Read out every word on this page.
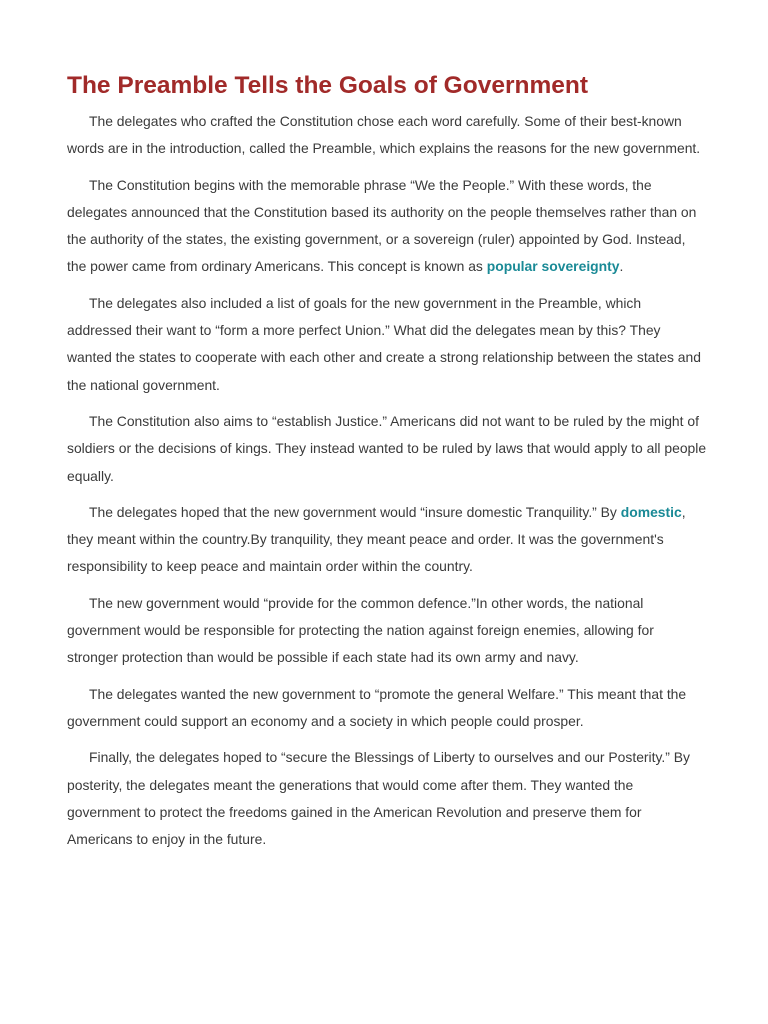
The Preamble Tells the Goals of Government

The delegates who crafted the Constitution chose each word carefully. Some of their best-known words are in the introduction, called the Preamble, which explains the reasons for the new government.

The Constitution begins with the memorable phrase “We the People.” With these words, the delegates announced that the Constitution based its authority on the people themselves rather than on the authority of the states, the existing government, or a sovereign (ruler) appointed by God. Instead, the power came from ordinary Americans. This concept is known as popular sovereignty.

The delegates also included a list of goals for the new government in the Preamble, which addressed their want to “form a more perfect Union.” What did the delegates mean by this? They wanted the states to cooperate with each other and create a strong relationship between the states and the national government.

The Constitution also aims to “establish Justice.” Americans did not want to be ruled by the might of soldiers or the decisions of kings. They instead wanted to be ruled by laws that would apply to all people equally.

The delegates hoped that the new government would “insure domestic Tranquility.” By domestic, they meant within the country.By tranquility, they meant peace and order. It was the government's responsibility to keep peace and maintain order within the country.

The new government would “provide for the common defence.”In other words, the national government would be responsible for protecting the nation against foreign enemies, allowing for stronger protection than would be possible if each state had its own army and navy.

The delegates wanted the new government to “promote the general Welfare.” This meant that the government could support an economy and a society in which people could prosper.

Finally, the delegates hoped to “secure the Blessings of Liberty to ourselves and our Posterity.” By posterity, the delegates meant the generations that would come after them. They wanted the government to protect the freedoms gained in the American Revolution and preserve them for Americans to enjoy in the future.
